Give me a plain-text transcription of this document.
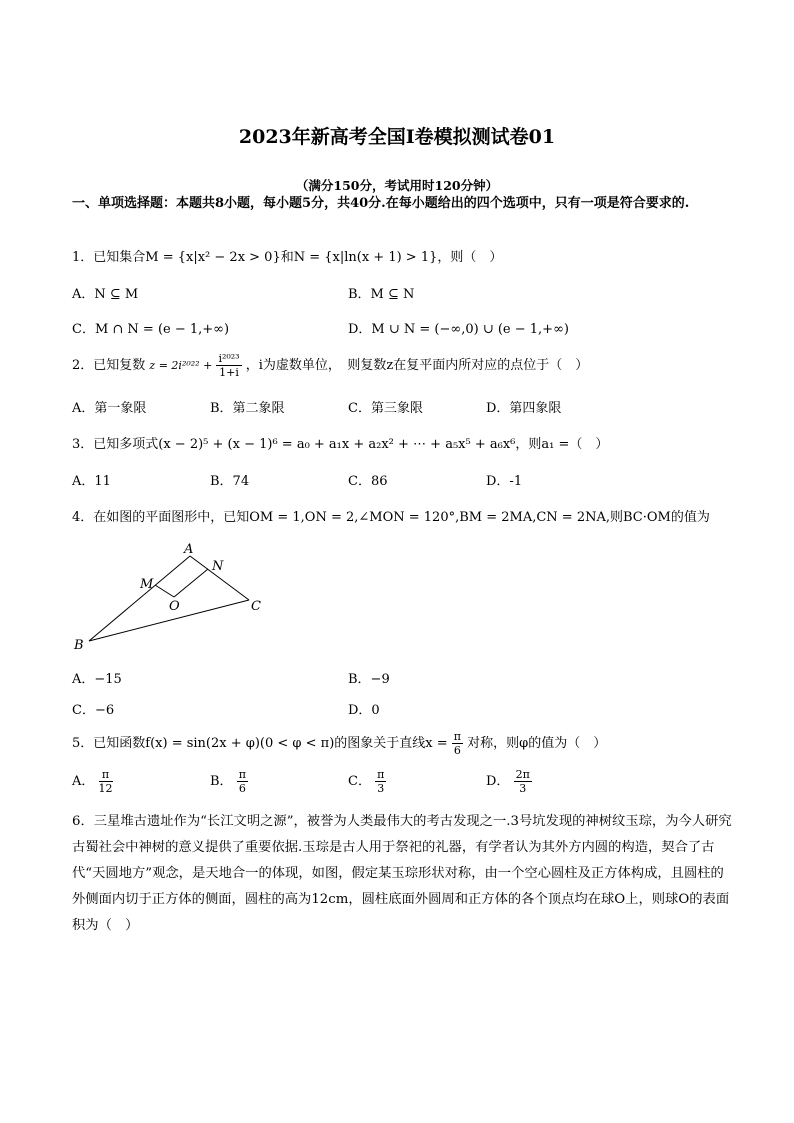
2023年新高考全国Ⅰ卷模拟测试卷01
（满分150分，考试用时120分钟）
一、单项选择题：本题共8小题，每小题5分，共40分.在每小题给出的四个选项中，只有一项是符合要求的.
1．已知集合M = {x|x² − 2x > 0}和N = {x|ln(x + 1) > 1}，则（　）
A．N ⊆ M	B．M ⊆ N
C．M ∩ N = (e − 1,+∞)	D．M ∪ N = (−∞,0) ∪ (e − 1,+∞)
2．已知复数 $z = 2i^{2022} + \frac{\text{i²⁰²³}}{1+i}$ ，i为虚数单位，　则复数z在复平面内所对应的点位于（　）
A．第一象限	B．第二象限	C．第三象限	D．第四象限
3．已知多项式(x − 2)⁵ + (x − 1)⁶ = a₀ + a₁x + a₂x² + ⋯ + a₅x⁵ + a₆x⁶，则a₁ =（　）
A．11	B．74	C．86	D．-1
4．在如图的平面图形中，已知OM = 1,ON = 2,∠MON = 120°,BM = 2MA,CN = 2NA,则BC·OM的值为
A
N
M
O	C
B
A．−15	B．−9
C．−6	D．0
5．已知函数f(x) = sin(2x + φ)(0 < φ < π)的图象关于直线$x = \frac{\pi}{6}$ 对称，则φ的值为（　）
A． $\frac{\pi}{12}$	B． $\frac{\pi}{6}$	C． $\frac{\pi}{3}$	D． $\frac{2\pi}{3}$
6．三星堆古遗址作为“长江文明之源”，被誉为人类最伟大的考古发现之一.3号坑发现的神树纹玉琮，为今人研究古蜀社会中神树的意义提供了重要依据.玉琮是古人用于祭祀的礼器，有学者认为其外方内圆的构造，契合了古代“天圆地方”观念，是天地合一的体现，如图，假定某玉琮形状对称，由一个空心圆柱及正方体构成，且圆柱的外侧面内切于正方体的侧面，圆柱的高为12cm，圆柱底面外圆周和正方体的各个顶点均在球O上，则球O的表面积为（　）
